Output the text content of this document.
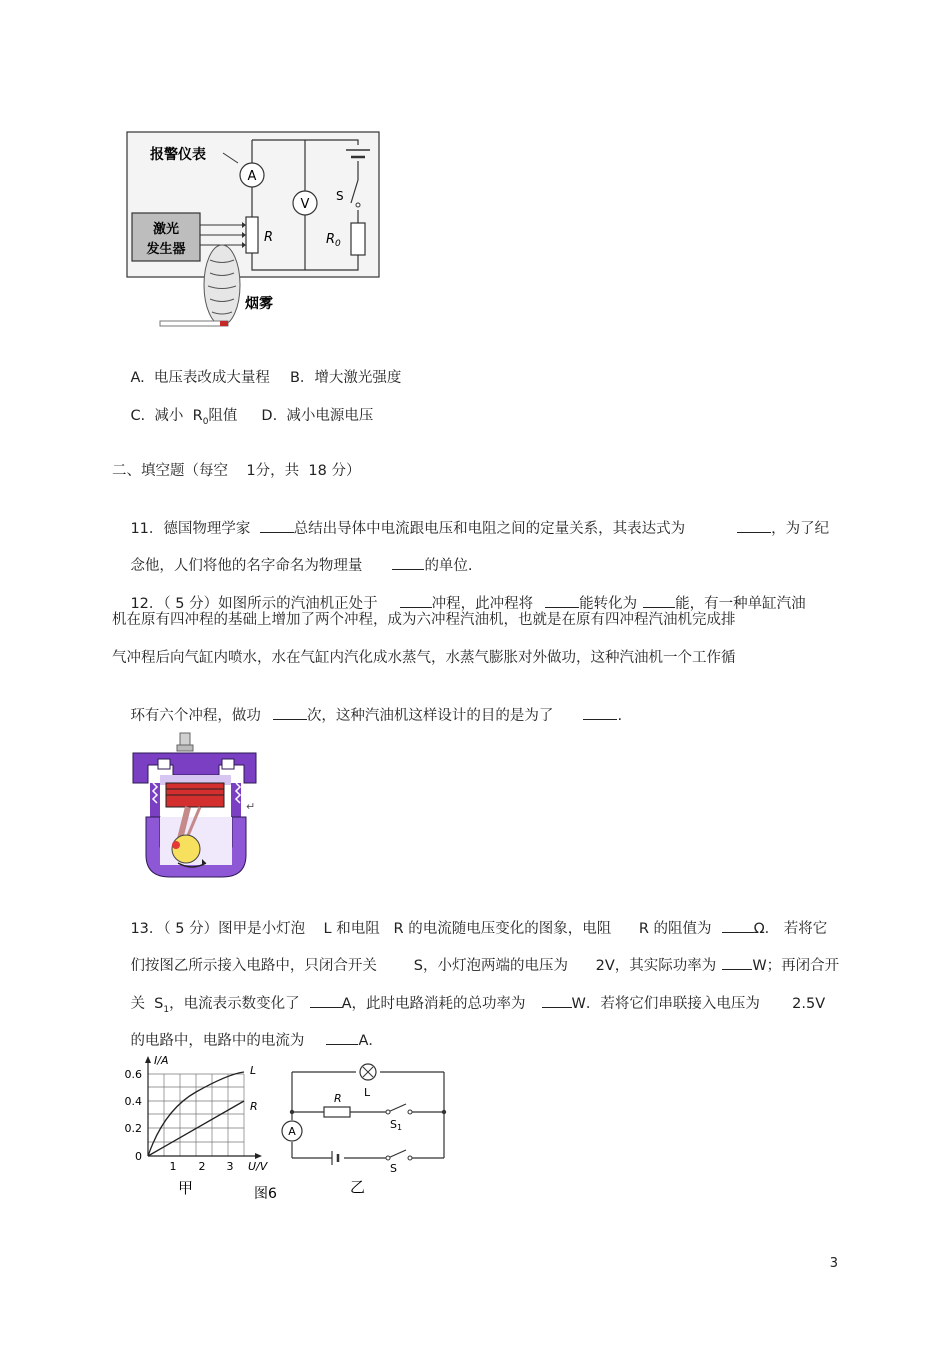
A
报警仪表
V
S
$R_0$
R
激光
发生器
烟雾

A.  电压表改成大量程 B．增大激光强度

C.  减小  $R_0$阻值 D.  减小电源电压

二、填空题（每空    1分，共  18 分）

11．德国物理学家  总结出导体中电流跟电压和电阻之间的定量关系，其表达式为	，为了纪

念他，人们将他的名字命名为物理量	的单位.

12．（ 5 分）如图所示的汽油机正处于	冲程，此冲程将	能转化为	能，有一种单缸汽油

机在原有四冲程的基础上增加了两个冲程，成为六冲程汽油机，也就是在原有四冲程汽油机完成排
气冲程后向气缸内喷水，水在气缸内汽化成水蒸气，水蒸气膨胀对外做功，这种汽油机一个工作循

环有六个冲程，做功	次，这种汽油机这样设计的目的是为了	.

↵

13．（ 5 分）图甲是小灯泡    L 和电阻   R 的电流随电压变化的图象，电阻      R 的阻值为	Ω． 若将它

们按图乙所示接入电路中，只闭合开关        S，小灯泡两端的电压为      2V，其实际功率为 W；再闭合开

关  $S_1$，电流表示数变化了	A，此时电路消耗的总功率为	W．若将它们串联接入电压为       2.5V

的电路中，电路中的电流为	A．

I/A
U/V
0.6
0.4
0.2
0
1 2 3
L
R
甲	图6
L
R
A
S1
S
乙
3
